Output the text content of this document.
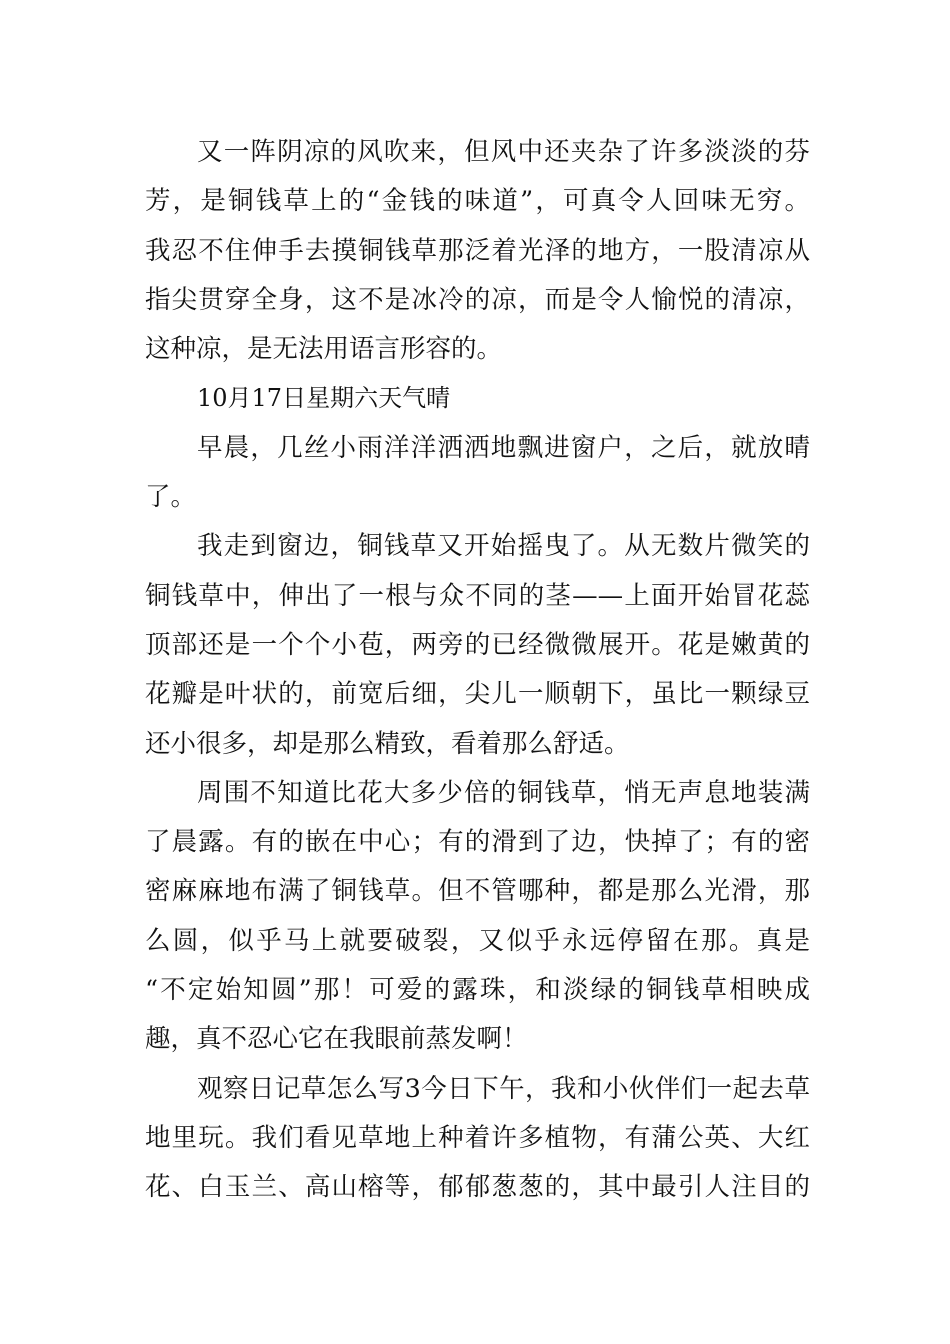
又一阵阴凉的风吹来，但风中还夹杂了许多淡淡的芬
芳，是铜钱草上的“金钱的味道”，可真令人回味无穷。
我忍不住伸手去摸铜钱草那泛着光泽的地方，一股清凉从
指尖贯穿全身，这不是冰冷的凉，而是令人愉悦的清凉，
这种凉，是无法用语言形容的。
10月17日星期六天气晴
早晨，几丝小雨洋洋洒洒地飘进窗户，之后，就放晴
了。
我走到窗边，铜钱草又开始摇曳了。从无数片微笑的
铜钱草中，伸出了一根与众不同的茎——上面开始冒花蕊
顶部还是一个个小苞，两旁的已经微微展开。花是嫩黄的
花瓣是叶状的，前宽后细，尖儿一顺朝下，虽比一颗绿豆
还小很多，却是那么精致，看着那么舒适。
周围不知道比花大多少倍的铜钱草，悄无声息地装满
了晨露。有的嵌在中心；有的滑到了边，快掉了；有的密
密麻麻地布满了铜钱草。但不管哪种，都是那么光滑，那
么圆，似乎马上就要破裂，又似乎永远停留在那。真是
“不定始知圆”那！可爱的露珠，和淡绿的铜钱草相映成
趣，真不忍心它在我眼前蒸发啊！
观察日记草怎么写3今日下午，我和小伙伴们一起去草
地里玩。我们看见草地上种着许多植物，有蒲公英、大红
花、白玉兰、高山榕等，郁郁葱葱的，其中最引人注目的
